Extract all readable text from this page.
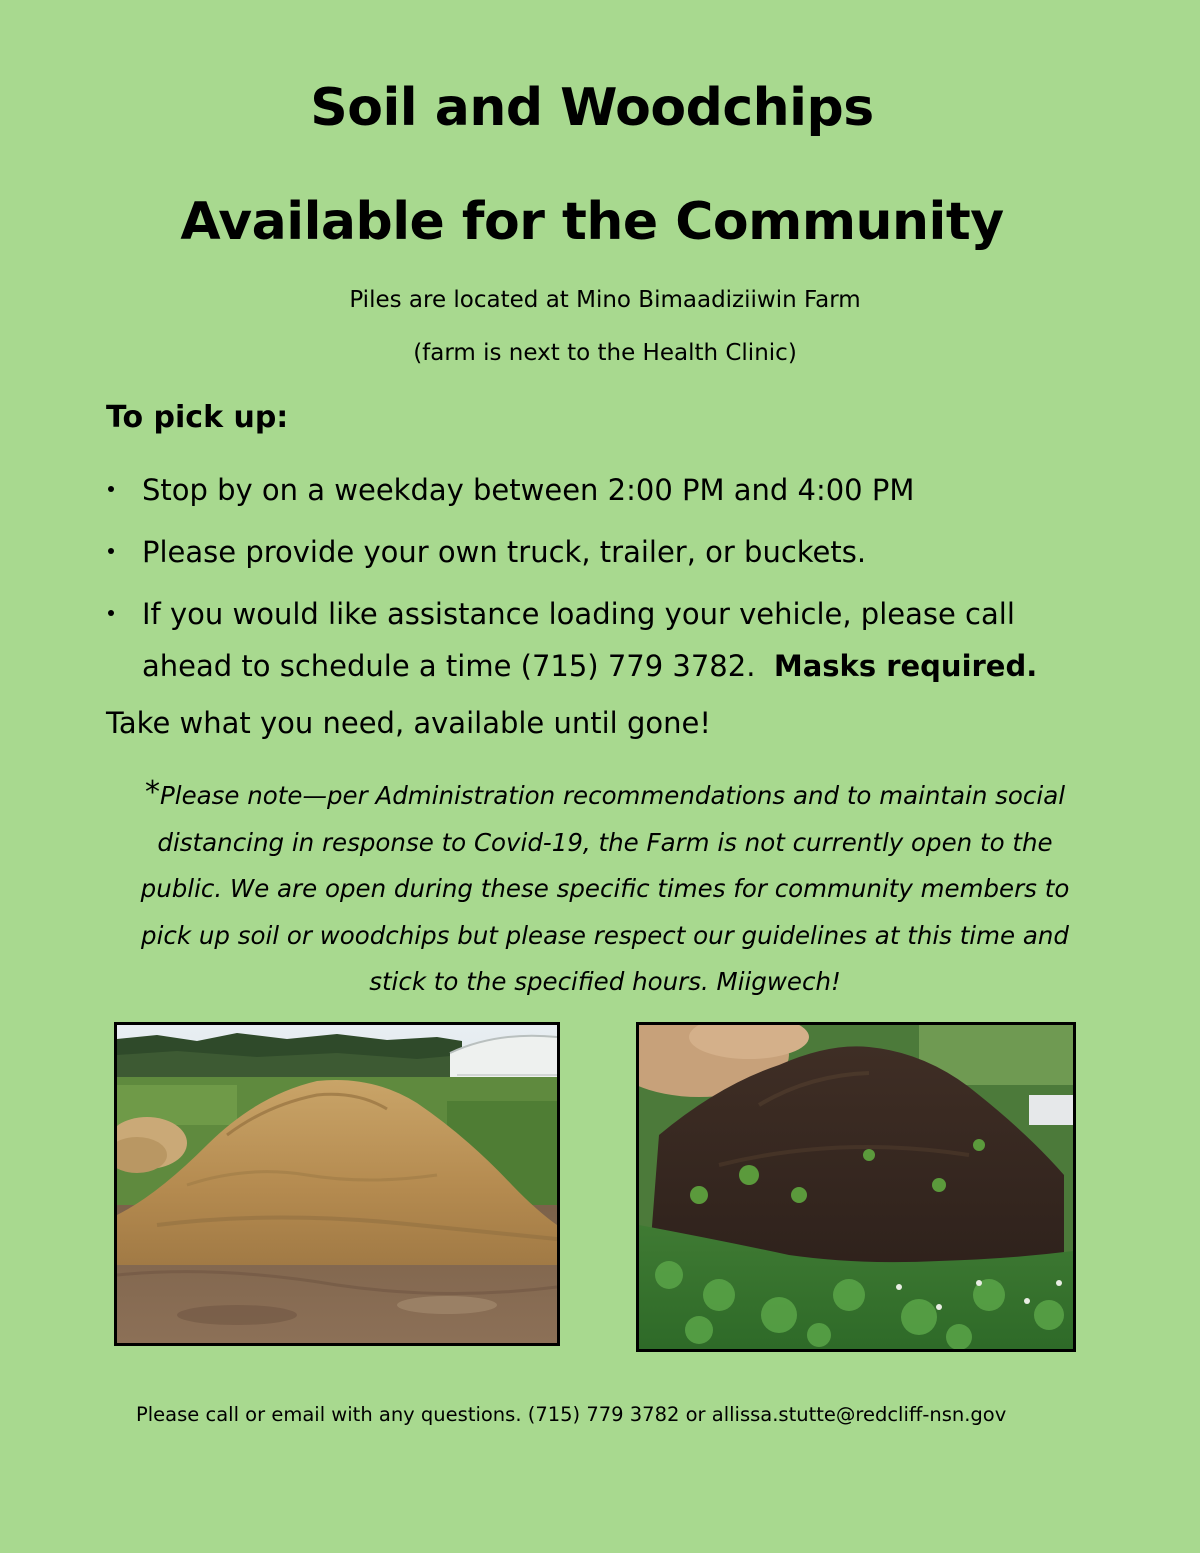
Soil and Woodchips
Available for the Community
Piles are located at Mino Bimaadiziiwin Farm
(farm is next to the Health Clinic)
To pick up:
Stop by on a weekday between 2:00 PM and 4:00 PM
Please provide your own truck, trailer, or buckets.
If you would like assistance loading your vehicle, please call ahead to schedule a time (715) 779 3782. Masks required.
Take what you need, available until gone!
*Please note—per Administration recommendations and to maintain social distancing in response to Covid-19, the Farm is not currently open to the public. We are open during these specific times for community members to pick up soil or woodchips but please respect our guidelines at this time and stick to the specified hours. Miigwech!
Please call or email with any questions. (715) 779 3782 or allissa.stutte@redcliff-nsn.gov
